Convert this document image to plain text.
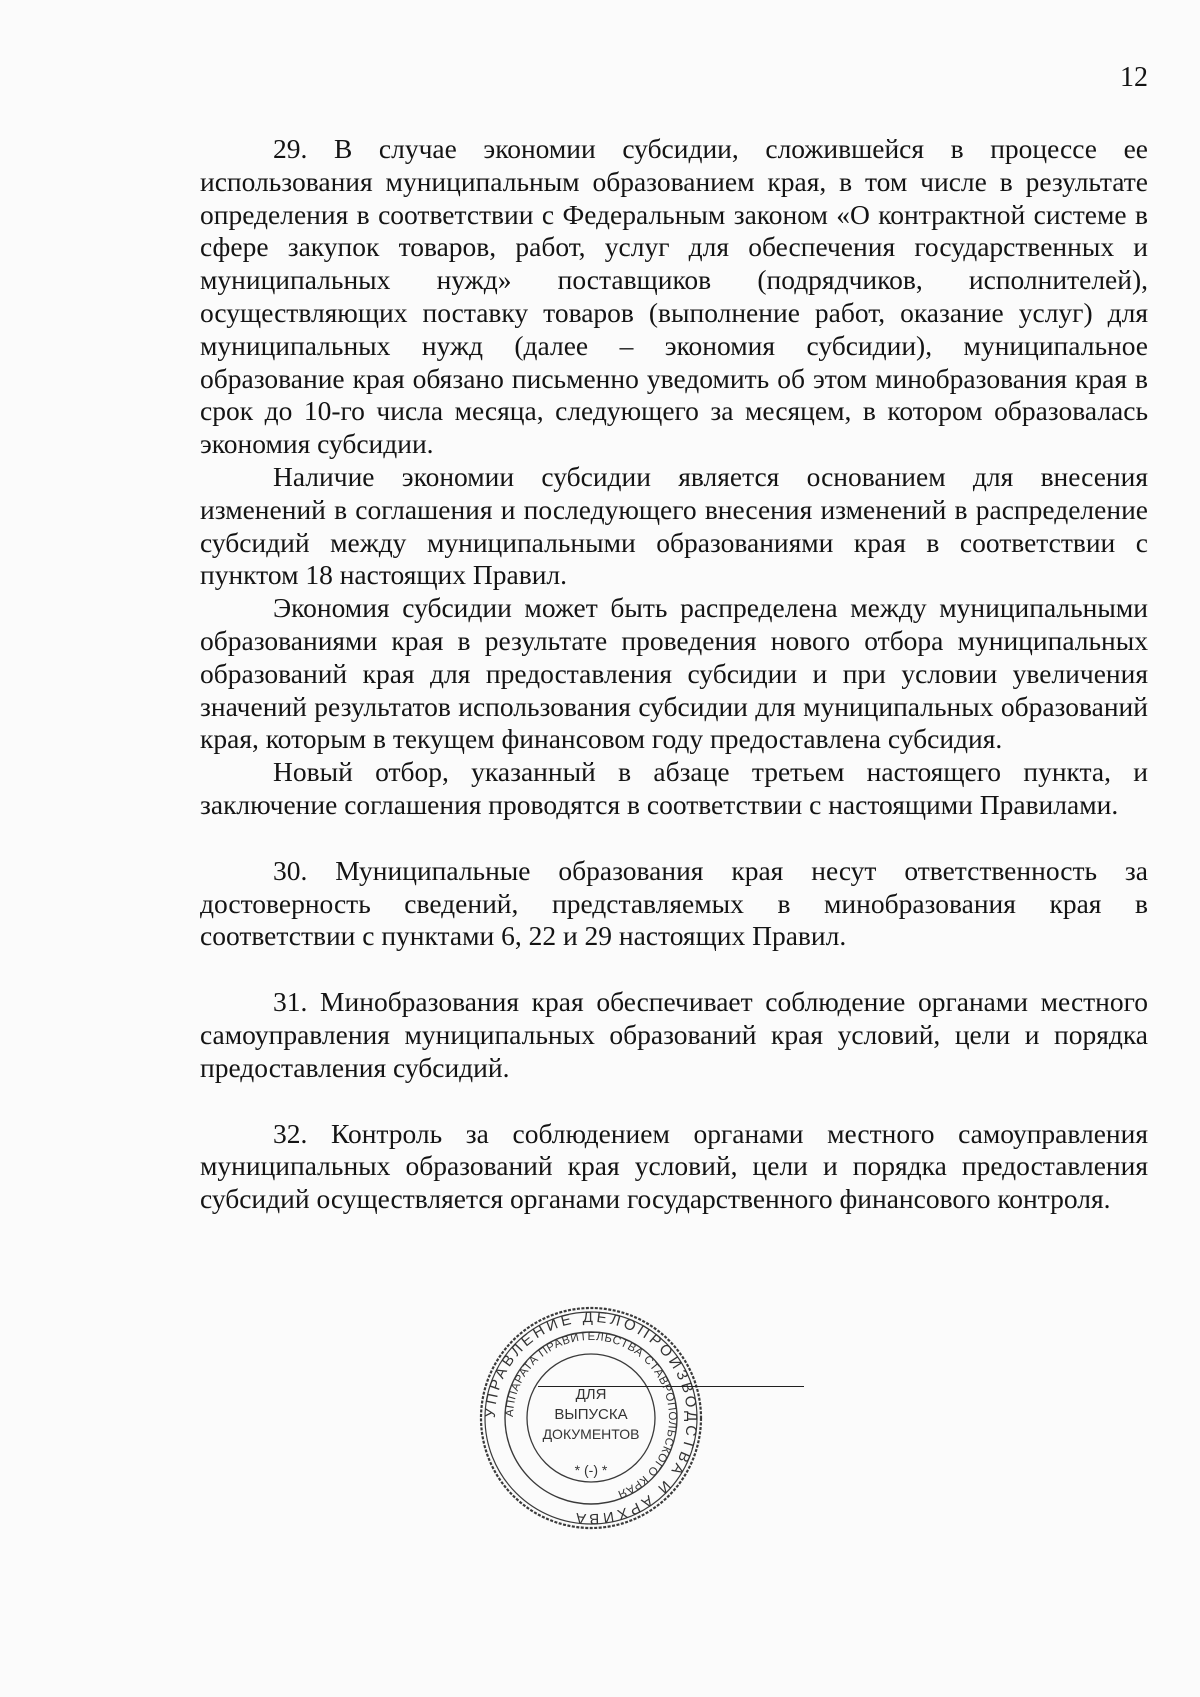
12

29. В случае экономии субсидии, сложившейся в процессе ее использования муниципальным образованием края, в том числе в результате определения в соответствии с Федеральным законом «О контрактной системе в сфере закупок товаров, работ, услуг для обеспечения государственных и муниципальных нужд» поставщиков (подрядчиков, исполнителей), осуществляющих поставку товаров (выполнение работ, оказание услуг) для муниципальных нужд (далее – экономия субсидии), муниципальное образование края обязано письменно уведомить об этом минобразования края в срок до 10-го числа месяца, следующего за месяцем, в котором образовалась экономия субсидии.

Наличие экономии субсидии является основанием для внесения изменений в соглашения и последующего внесения изменений в распределение субсидий между муниципальными образованиями края в соответствии с пунктом 18 настоящих Правил.

Экономия субсидии может быть распределена между муниципальными образованиями края в результате проведения нового отбора муниципальных образований края для предоставления субсидии и при условии увеличения значений результатов использования субсидии для муниципальных образований края, которым в текущем финансовом году предоставлена субсидия.

Новый отбор, указанный в абзаце третьем настоящего пункта, и заключение соглашения проводятся в соответствии с настоящими Правилами.

30. Муниципальные образования края несут ответственность за достоверность сведений, представляемых в минобразования края в соответствии с пунктами 6, 22 и 29 настоящих Правил.

31. Минобразования края обеспечивает соблюдение органами местного самоуправления муниципальных образований края условий, цели и порядка предоставления субсидий.

32. Контроль за соблюдением органами местного самоуправления муниципальных образований края условий, цели и порядка предоставления субсидий осуществляется органами государственного финансового контроля.

УПРАВЛЕНИЕ ДЕЛОПРОИЗВОДСТВА И АРХИВА
АППАРАТА ПРАВИТЕЛЬСТВА СТАВРОПОЛЬСКОГО КРАЯ
ДЛЯ
ВЫПУСКА
ДОКУМЕНТОВ
* (-) *
